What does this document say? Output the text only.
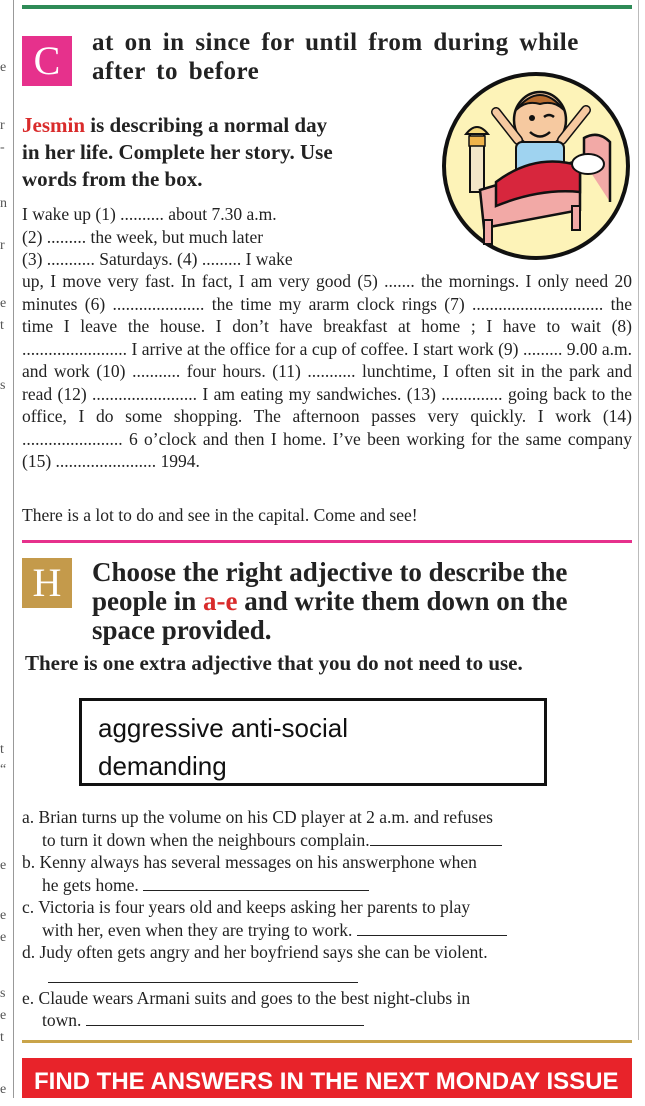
e
r
-
n
r
e
t
s
t
“
e
e
e
s
e
t
e
C	at on in since for until from during while after to before
Jesmin is describing a normal day in her life. Complete her story. Use words from the box.
I wake up (1) .......... about 7.30 a.m.
(2) ......... the week, but much later
(3) ........... Saturdays. (4) ......... I wake
up, I move very fast. In fact, I am very good (5) ....... the mornings. I only need 20 minutes (6) ..................... the time my ararm clock rings (7) .............................. the time I leave the house. I don’t have breakfast at home ; I have to wait (8) ........................ I arrive at the office for a cup of coffee. I start work (9) ......... 9.00 a.m. and work (10) ........... four hours. (11) ........... lunchtime, I often sit in the park and read (12) ........................ I am eating my sandwiches. (13) .............. going back to the office, I do some shopping. The afternoon passes very quickly. I work (14) ....................... 6 o’clock and then I home. I’ve been working for the same company (15) ....................... 1994.
There is a lot to do and see in the capital. Come and see!
H	Choose the right adjective to describe the people in a-e and write them down on the space provided.
There is one extra adjective that you do not need to use.
aggressive anti-social
demanding
a. Brian turns up the volume on his CD player at 2 a.m. and refuses
to turn it down when the neighbours complain.
b. Kenny always has several messages on his answerphone when
he gets home.
c. Victoria is four years old and keeps asking her parents to play
with her, even when they are trying to work.
d. Judy often gets angry and her boyfriend says she can be violent.
e. Claude wears Armani suits and goes to the best night-clubs in
town.
FIND THE ANSWERS IN THE NEXT MONDAY ISSUE
